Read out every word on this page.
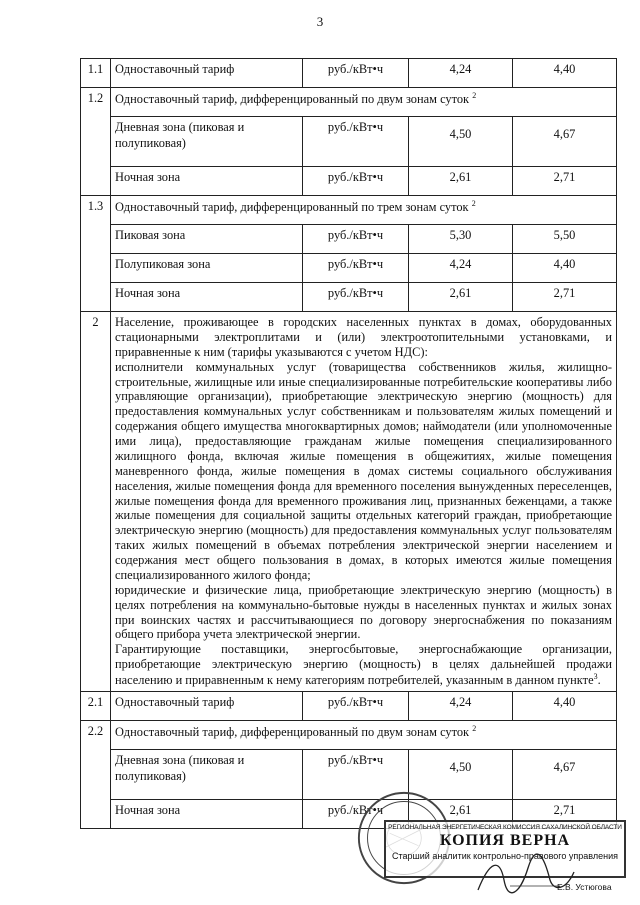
3
1.1	Одноставочный тариф	руб./кВт•ч	4,24	4,40
1.2	Одноставочный тариф, дифференцированный по двум зонам суток $^2$
	Дневная зона (пиковая и полупиковая)	руб./кВт•ч	4,50	4,67
	Ночная зона	руб./кВт•ч	2,61	2,71
1.3	Одноставочный тариф, дифференцированный по трем зонам суток $^2$
	Пиковая зона	руб./кВт•ч	5,30	5,50
	Полупиковая зона	руб./кВт•ч	4,24	4,40
	Ночная зона	руб./кВт•ч	2,61	2,71
2	Население, проживающее в городских населенных пунктах в домах, оборудованных стационарными электроплитами и (или) электроотопительными установками, и приравненные к ним (тарифы указываются с учетом НДС):

исполнители коммунальных услуг (товарищества собственников жилья, жилищно-строительные, жилищные или иные специализированные потребительские кооперативы либо управляющие организации), приобретающие электрическую энергию (мощность) для предоставления коммунальных услуг собственникам и пользователям жилых помещений и содержания общего имущества многоквартирных домов; наймодатели (или уполномоченные ими лица), предоставляющие гражданам жилые помещения специализированного жилищного фонда, включая жилые помещения в общежитиях, жилые помещения маневренного фонда, жилые помещения в домах системы социального обслуживания населения, жилые помещения фонда для временного поселения вынужденных переселенцев, жилые помещения фонда для временного проживания лиц, признанных беженцами, а также жилые помещения для социальной защиты отдельных категорий граждан, приобретающие электрическую энергию (мощность) для предоставления коммунальных услуг пользователям таких жилых помещений в объемах потребления электрической энергии населением и содержания мест общего пользования в домах, в которых имеются жилые помещения специализированного жилого фонда;

юридические и физические лица, приобретающие электрическую энергию (мощность) в целях потребления на коммунально-бытовые нужды в населенных пунктах и жилых зонах при воинских частях и рассчитывающиеся по договору энергоснабжения по показаниям общего прибора учета электрической энергии.

Гарантирующие поставщики, энергосбытовые, энергоснабжающие организации, приобретающие электрическую энергию (мощность) в целях дальнейшей продажи населению и приравненным к нему категориям потребителей, указанным в данном пункте$^3$.			

2.1	Одноставочный тариф	руб./кВт•ч	4,24	4,40
2.2	Одноставочный тариф, дифференцированный по двум зонам суток $^2$
	Дневная зона (пиковая и полупиковая)	руб./кВт•ч	4,50	4,67
	Ночная зона	руб./кВт•ч	2,61	2,71
РЕГИОНАЛЬНАЯ ЭНЕРГЕТИЧЕСКАЯ КОМИССИЯ САХАЛИНСКОЙ ОБЛАСТИ
КОПИЯ ВЕРНА
Старший аналитик контрольно-правового управления
Е.В. Устюгова
